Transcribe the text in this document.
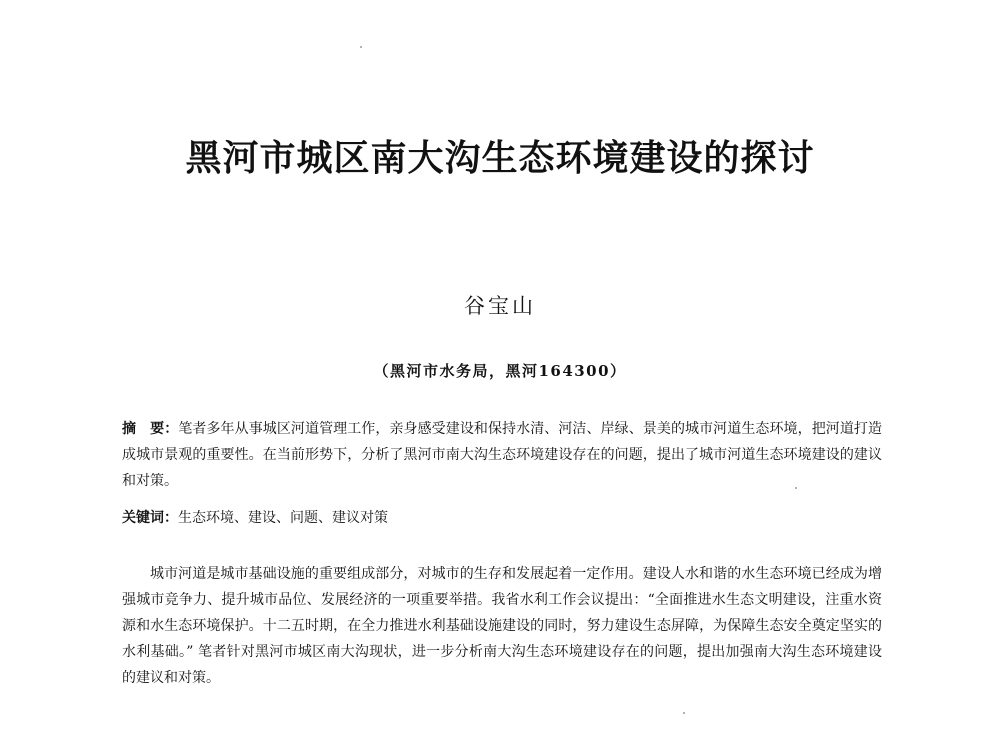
黑河市城区南大沟生态环境建设的探讨
谷宝山
（黑河市水务局，黑河164300）
摘　要：笔者多年从事城区河道管理工作，亲身感受建设和保持水清、河洁、岸绿、景美的城市河道生态环境，把河道打造成城市景观的重要性。在当前形势下，分析了黑河市南大沟生态环境建设存在的问题，提出了城市河道生态环境建设的建议和对策。
关键词：生态环境、建设、问题、建议对策

城市河道是城市基础设施的重要组成部分，对城市的生存和发展起着一定作用。建设人水和谐的水生态环境已经成为增强城市竞争力、提升城市品位、发展经济的一项重要举措。我省水利工作会议提出：“全面推进水生态文明建设，注重水资源和水生态环境保护。十二五时期，在全力推进水利基础设施建设的同时，努力建设生态屏障，为保障生态安全奠定坚实的水利基础。” 笔者针对黑河市城区南大沟现状，进一步分析南大沟生态环境建设存在的问题，提出加强南大沟生态环境建设的建议和对策。
